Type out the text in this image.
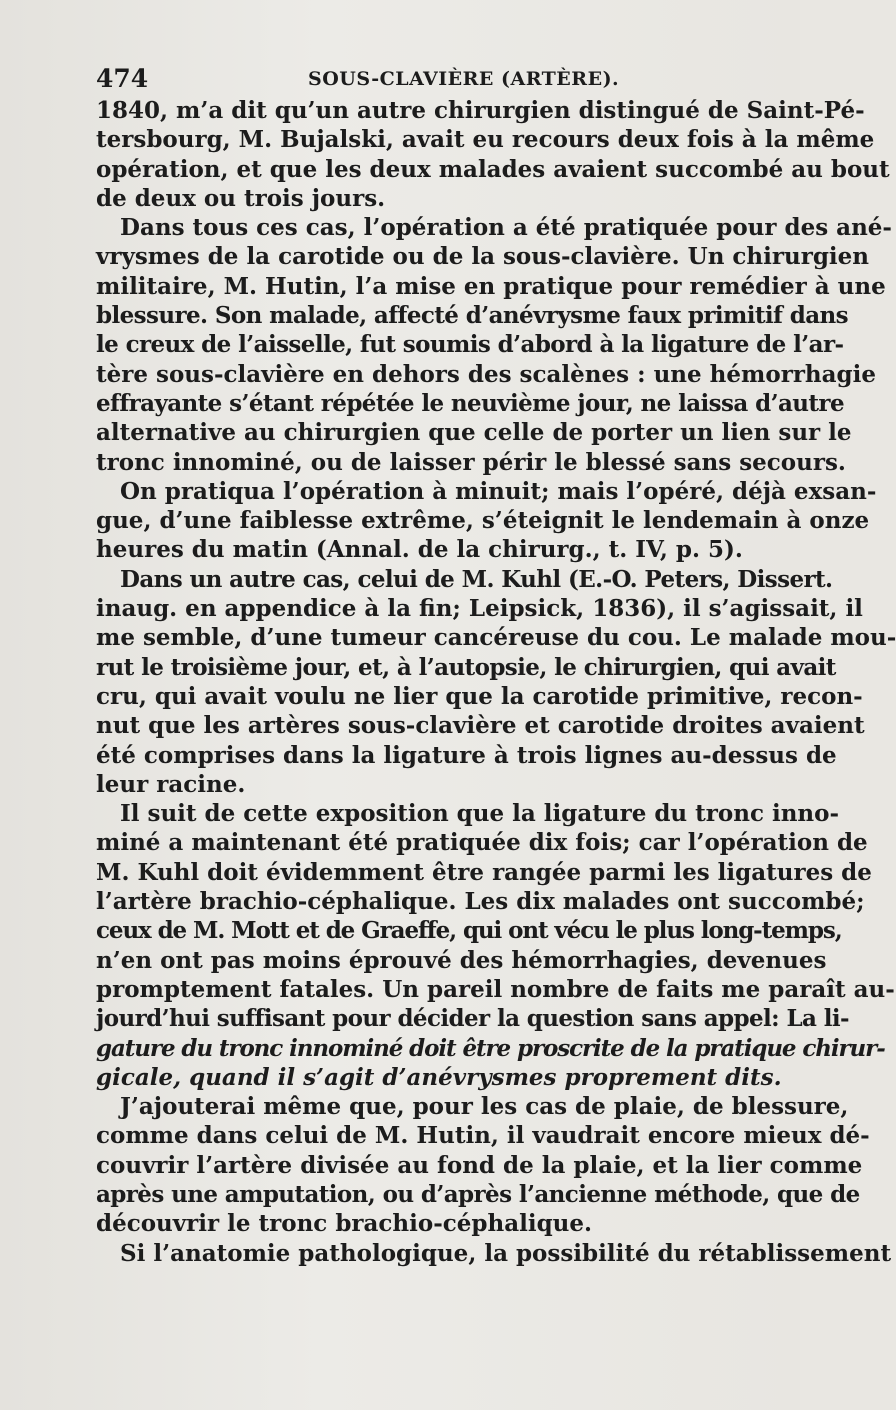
474	SOUS-CLAVIÈRE (ARTÈRE).
1840, m’a dit qu’un autre chirurgien distingué de Saint-Pé-
tersbourg, M. Bujalski, avait eu recours deux fois à la même
opération, et que les deux malades avaient succombé au bout
de deux ou trois jours.
Dans tous ces cas, l’opération a été pratiquée pour des ané-
vrysmes de la carotide ou de la sous-clavière. Un chirurgien
militaire, M. Hutin, l’a mise en pratique pour remédier à une
blessure. Son malade, affecté d’anévrysme faux primitif dans
le creux de l’aisselle, fut soumis d’abord à la ligature de l’ar-
tère sous-clavière en dehors des scalènes : une hémorrhagie
effrayante s’étant répétée le neuvième jour, ne laissa d’autre
alternative au chirurgien que celle de porter un lien sur le
tronc innominé, ou de laisser périr le blessé sans secours.
On pratiqua l’opération à minuit; mais l’opéré, déjà exsan-
gue, d’une faiblesse extrême, s’éteignit le lendemain à onze
heures du matin (Annal. de la chirurg., t. IV, p. 5).
Dans un autre cas, celui de M. Kuhl (E.-O. Peters, Dissert.
inaug. en appendice à la fin; Leipsick, 1836), il s’agissait, il
me semble, d’une tumeur cancéreuse du cou. Le malade mou-
rut le troisième jour, et, à l’autopsie, le chirurgien, qui avait
cru, qui avait voulu ne lier que la carotide primitive, recon-
nut que les artères sous-clavière et carotide droites avaient
été comprises dans la ligature à trois lignes au-dessus de
leur racine.
Il suit de cette exposition que la ligature du tronc inno-
miné a maintenant été pratiquée dix fois; car l’opération de
M. Kuhl doit évidemment être rangée parmi les ligatures de
l’artère brachio-céphalique. Les dix malades ont succombé;
ceux de M. Mott et de Graeffe, qui ont vécu le plus long-temps,
n’en ont pas moins éprouvé des hémorrhagies, devenues
promptement fatales. Un pareil nombre de faits me paraît au-
jourd’hui suffisant pour décider la question sans appel: La li-
gature du tronc innominé doit être proscrite de la pratique chirur-
gicale, quand il s’agit d’anévrysmes proprement dits.
J’ajouterai même que, pour les cas de plaie, de blessure,
comme dans celui de M. Hutin, il vaudrait encore mieux dé-
couvrir l’artère divisée au fond de la plaie, et la lier comme
après une amputation, ou d’après l’ancienne méthode, que de
découvrir le tronc brachio-céphalique.
Si l’anatomie pathologique, la possibilité du rétablissement
